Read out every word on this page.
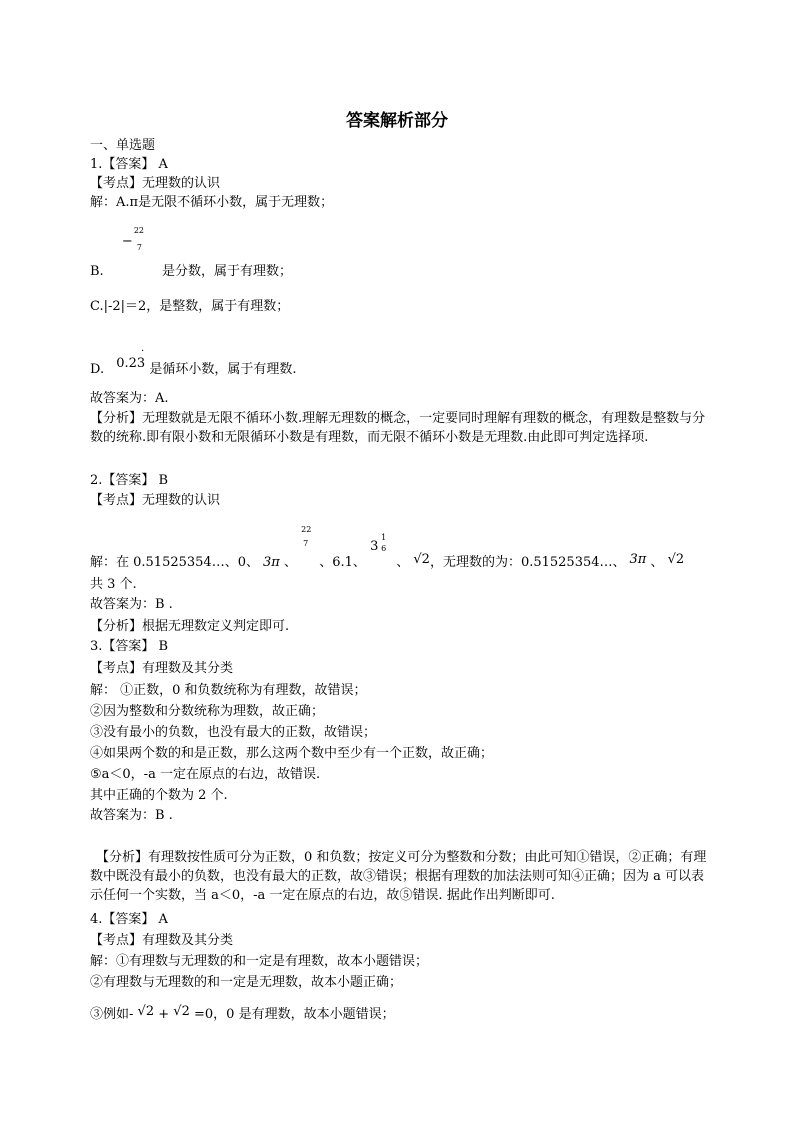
答案解析部分
一、单选题
1.【答案】 A
【考点】无理数的认识
解：A.π是无限不循环小数，属于无理数；
B.
−
22
7
是分数，属于有理数；
C.|-2|＝2，是整数，属于有理数；
D. 0.23
·
是循环小数，属于有理数.
故答案为：A.
【分析】无理数就是无限不循环小数.理解无理数的概念，一定要同时理解有理数的概念，有理数是整数与分数的统称.即有限小数和无限循环小数是有理数，而无限不循环小数是无理数.由此即可判定选择项.
2.【答案】 B
【考点】无理数的认识
解：在 0.51525354…、0、 3π 、
22
7
、6.1、
3
1
6
、 √2，无理数的为：0.51525354…、 3π 、 √2
共 3 个.
故答案为：B .
【分析】根据无理数定义判定即可.
3.【答案】 B
【考点】有理数及其分类
解： ①正数，0 和负数统称为有理数，故错误；
②因为整数和分数统称为理数，故正确；
③没有最小的负数，也没有最大的正数，故错误；
④如果两个数的和是正数，那么这两个数中至少有一个正数，故正确；
⑤a＜0，-a 一定在原点的右边，故错误.
其中正确的个数为 2 个.
故答案为：B .
【分析】有理数按性质可分为正数，0 和负数；按定义可分为整数和分数；由此可知①错误，②正确；有理数中既没有最小的负数，也没有最大的正数，故③错误；根据有理数的加法法则可知④正确；因为 a 可以表示任何一个实数，当 a＜0，-a 一定在原点的右边，故⑤错误. 据此作出判断即可.
4.【答案】 A
【考点】有理数及其分类
解：①有理数与无理数的和一定是有理数，故本小题错误；
②有理数与无理数的和一定是无理数，故本小题正确；
③例如- √2 + √2 =0，0 是有理数，故本小题错误；
